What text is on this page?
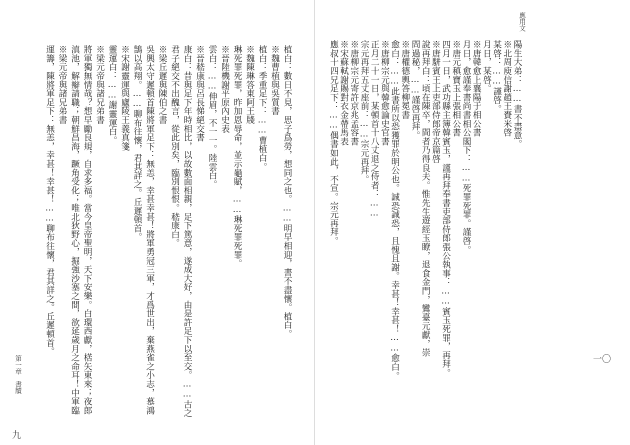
應用文
陽生大弟：……書不盡意。
※北周庾信謝趙王賚米啓
某啓：……謹啓。
月日，某啓。
※唐韓愈上襄陽于相公書
月日，愈謹奉書尚書相公閣下：……死罪死罪。謹啓。
※唐元稹寶玉上張相公書
四月一日，武功縣主簿韓賓玉，謹再拜奉書吏部侍郎張公執事：……賓玉死罪，再拜。
※唐駢賓王上吏部侍郎帝京篇啓
說再拜白：頃在陳卒，間者乃得良夫。惟先生遊經玉瞭，退食金門，鸞臺元獻，崇
問過秘，……謹啓再拜。
※唐權德輿答柳冕書
愈白：……此書所以恐獲罪於明公也。誠恐誠恐，且愧且謝。幸甚！幸甚！……愈白。
※唐柳宗元與韓愈論史官書
正月二十一日，某頓首十八丈退之侍者：……
宗元再拜五丈座前：……宗元再拜。
※唐柳宗元寄許京兆孟容書
※宋蘇軾謝賜對衣金帶馬表
應叔十四兄足下：……偶書如此，不宣。宗元再拜。
一〇
植白：數日不見，思子爲勞，想同之也。……明早相迎，書不盡懷。植白。
※魏曹植與吳質書
植白：季重足下：……曹植白。
※魏陳琳答東阿王牋
琳死罪死罪，昨加恩辱命，並示龜賦，……琳死罪死罪。
※晉陸機謝平原內史表
雲白：……伸眉，不一一。陸雲白。
※晉嵇康與呂長悌絕交書
康白：昔與足下年時相比，以故數面相親，足下篤意，遂成大好，由是許足下以至交。……古之
君子絕交不出醜言，從此別矣，臨別恨恨。嵇康白。
※梁丘遲與陳伯之書
吳興太守遲頓首陳將軍足下：無恙，幸甚幸甚！將軍勇冠三軍，才爲世出，棄燕雀之小志，慕鴻
鵠以高翔。……聊布往懷，君其詳之。丘遲頓首。
※宋謝靈運與廬陵王義真箋
靈運白：……謝靈運白。
※梁元帝與諸兄弟書
將軍獨無情哉？想早勵良規，自求多福。當今皇帝聖明，天下安樂。白環西獻，楛矢東來；夜郎
滇池，解辮請職；朝鮮昌海，蹶角受化；唯北狄野心，掘強沙塞之間，欲延歲月之命耳！中軍臨
※梁元帝與諸兄弟書
運籌，陳將軍足下：無恙，幸甚！幸甚！……聊布往懷，君其詳之。丘遲頓首。
第一章　書牘
九
